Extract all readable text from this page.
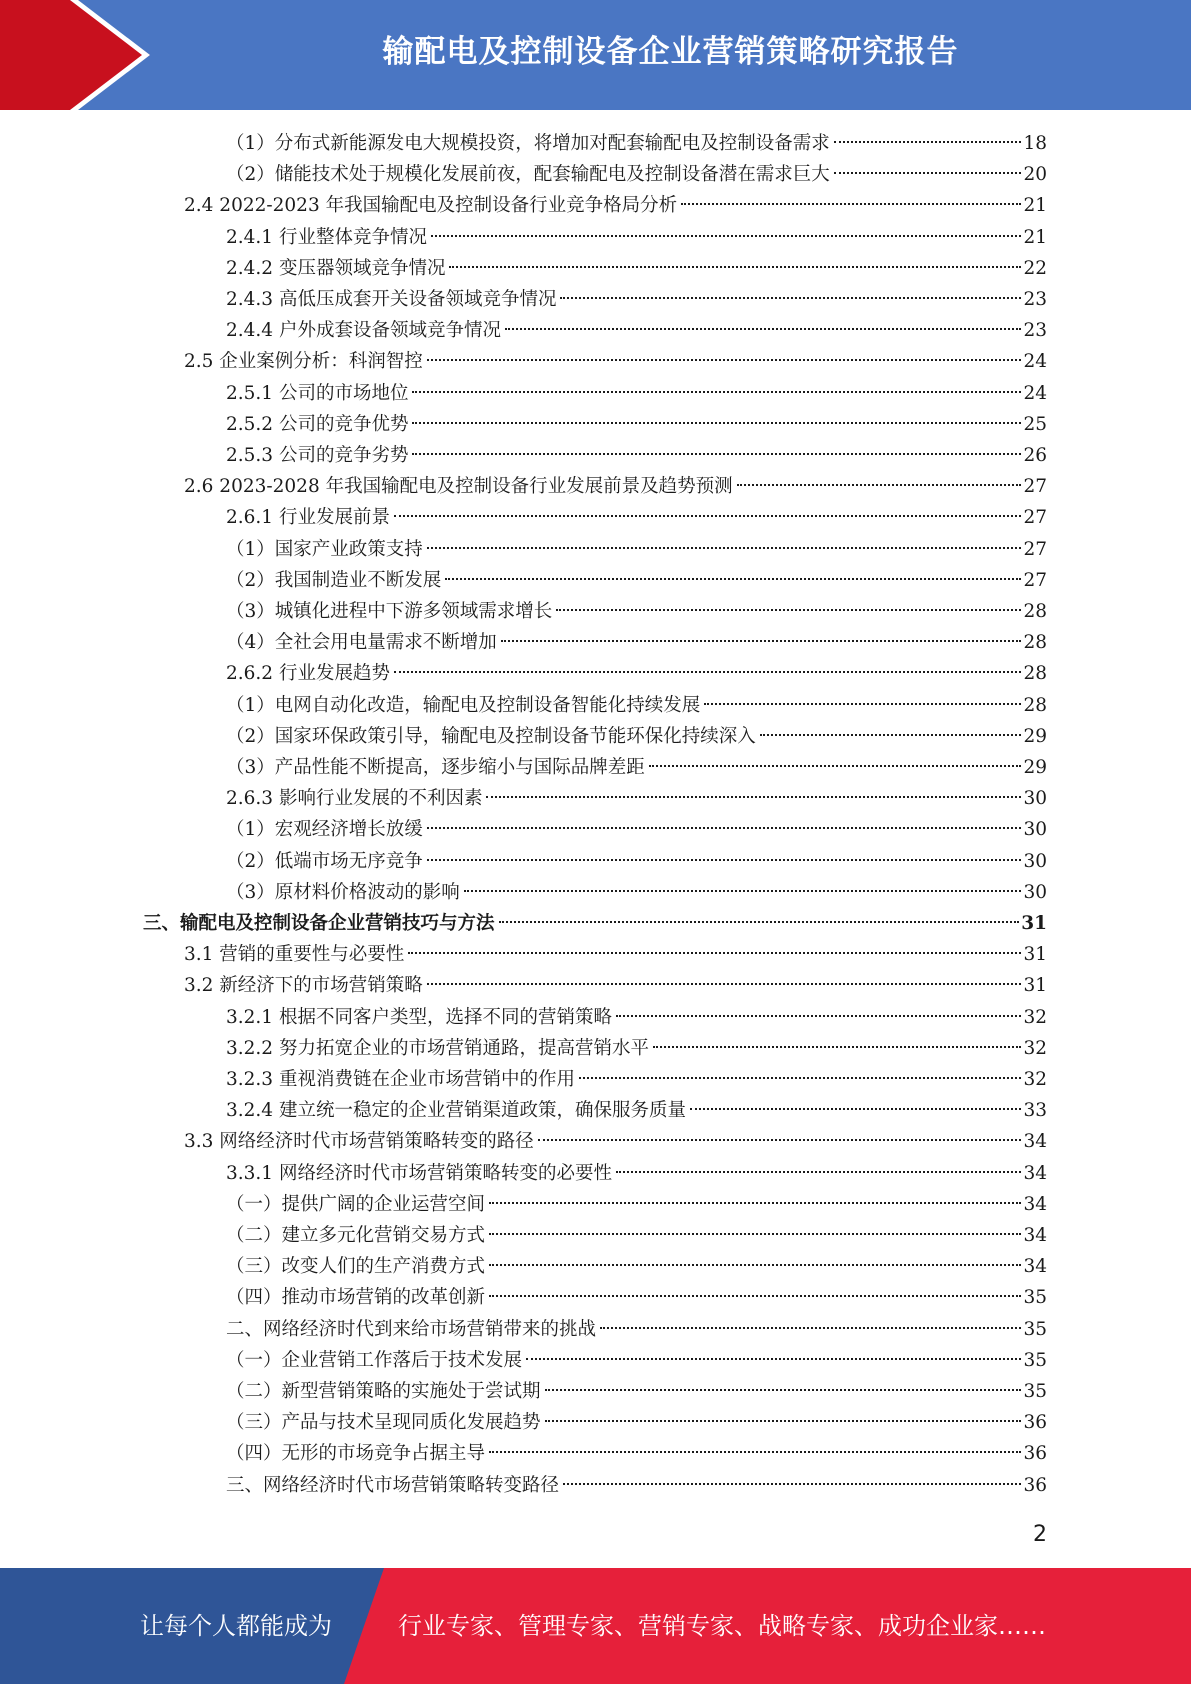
输配电及控制设备企业营销策略研究报告
（1）分布式新能源发电大规模投资，将增加对配套输配电及控制设备需求	18
（2）储能技术处于规模化发展前夜，配套输配电及控制设备潜在需求巨大	20
2.4 2022-2023 年我国输配电及控制设备行业竞争格局分析	21
2.4.1 行业整体竞争情况	21
2.4.2 变压器领域竞争情况	22
2.4.3 高低压成套开关设备领域竞争情况	23
2.4.4 户外成套设备领域竞争情况	23
2.5 企业案例分析：科润智控	24
2.5.1 公司的市场地位	24
2.5.2 公司的竞争优势	25
2.5.3 公司的竞争劣势	26
2.6 2023-2028 年我国输配电及控制设备行业发展前景及趋势预测	27
2.6.1 行业发展前景	27
（1）国家产业政策支持	27
（2）我国制造业不断发展	27
（3）城镇化进程中下游多领域需求增长	28
（4）全社会用电量需求不断增加	28
2.6.2 行业发展趋势	28
（1）电网自动化改造，输配电及控制设备智能化持续发展	28
（2）国家环保政策引导，输配电及控制设备节能环保化持续深入	29
（3）产品性能不断提高，逐步缩小与国际品牌差距	29
2.6.3 影响行业发展的不利因素	30
（1）宏观经济增长放缓	30
（2）低端市场无序竞争	30
（3）原材料价格波动的影响	30
三、输配电及控制设备企业营销技巧与方法	31
3.1 营销的重要性与必要性	31
3.2 新经济下的市场营销策略	31
3.2.1 根据不同客户类型，选择不同的营销策略	32
3.2.2 努力拓宽企业的市场营销通路，提高营销水平	32
3.2.3 重视消费链在企业市场营销中的作用	32
3.2.4 建立统一稳定的企业营销渠道政策，确保服务质量	33
3.3 网络经济时代市场营销策略转变的路径	34
3.3.1 网络经济时代市场营销策略转变的必要性	34
（一）提供广阔的企业运营空间	34
（二）建立多元化营销交易方式	34
（三）改变人们的生产消费方式	34
（四）推动市场营销的改革创新	35
二、网络经济时代到来给市场营销带来的挑战	35
（一）企业营销工作落后于技术发展	35
（二）新型营销策略的实施处于尝试期	35
（三）产品与技术呈现同质化发展趋势	36
（四）无形的市场竞争占据主导	36
三、网络经济时代市场营销策略转变路径	36
2
让每个人都能成为	行业专家、管理专家、营销专家、战略专家、成功企业家……
